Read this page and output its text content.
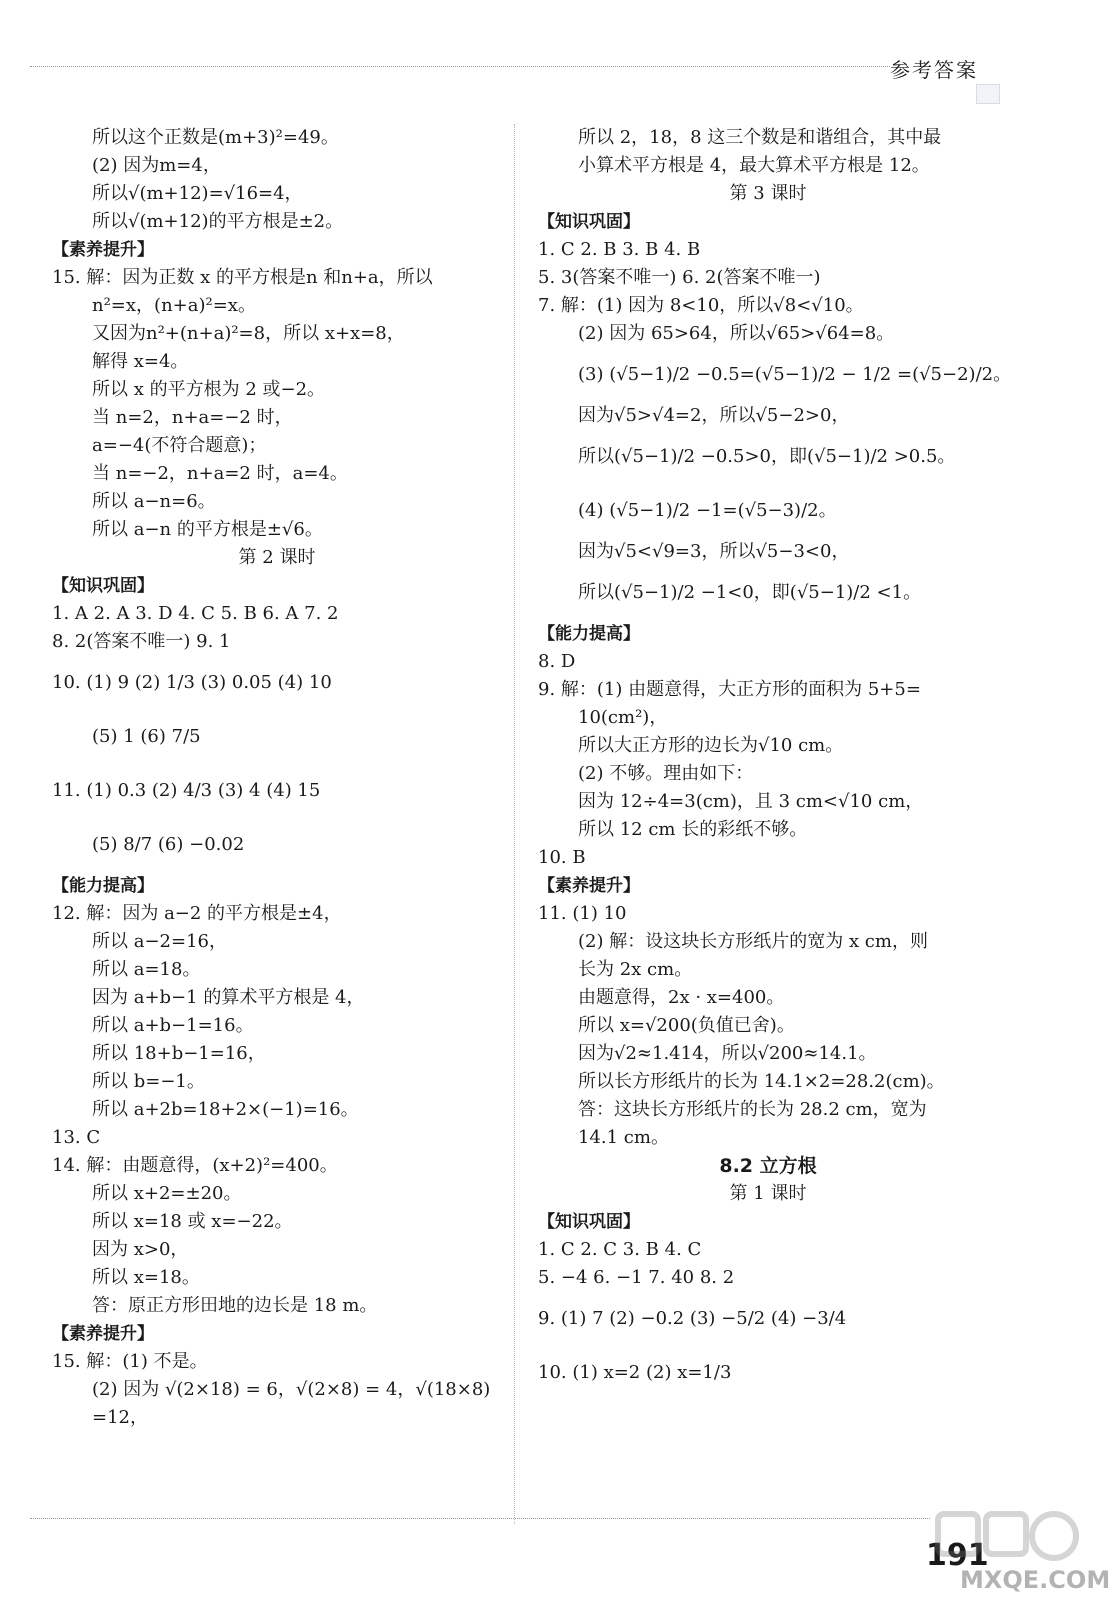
参考答案
所以这个正数是(m+3)²=49。
(2) 因为m=4，
所以√(m+12)=√16=4，
所以√(m+12)的平方根是±2。
【素养提升】
15. 解：因为正数 x 的平方根是n 和n+a，所以
n²=x，(n+a)²=x。
又因为n²+(n+a)²=8，所以 x+x=8，
解得 x=4。
所以 x 的平方根为 2 或−2。
当 n=2，n+a=−2 时，
a=−4(不符合题意)；
当 n=−2，n+a=2 时，a=4。
所以 a−n=6。
所以 a−n 的平方根是±√6。
第 2 课时
【知识巩固】
1. A 2. A 3. D 4. C 5. B 6. A 7. 2
8. 2(答案不唯一) 9. 1
10. (1) 9 (2) 1/3 (3) 0.05 (4) 10
(5) 1 (6) 7/5
11. (1) 0.3 (2) 4/3 (3) 4 (4) 15
(5) 8/7 (6) −0.02
【能力提高】
12. 解：因为 a−2 的平方根是±4，
所以 a−2=16，
所以 a=18。
因为 a+b−1 的算术平方根是 4，
所以 a+b−1=16。
所以 18+b−1=16，
所以 b=−1。
所以 a+2b=18+2×(−1)=16。
13. C
14. 解：由题意得，(x+2)²=400。
所以 x+2=±20。
所以 x=18 或 x=−22。
因为 x>0，
所以 x=18。
答：原正方形田地的边长是 18 m。
【素养提升】
15. 解：(1) 不是。
(2) 因为 √(2×18) = 6，√(2×8) = 4，√(18×8)
=12，
所以 2，18，8 这三个数是和谐组合，其中最
小算术平方根是 4，最大算术平方根是 12。
第 3 课时
【知识巩固】
1. C 2. B 3. B 4. B
5. 3(答案不唯一) 6. 2(答案不唯一)
7. 解：(1) 因为 8<10，所以√8<√10。
(2) 因为 65>64，所以√65>√64=8。
(3) (√5−1)/2 −0.5=(√5−1)/2 − 1/2 =(√5−2)/2。
因为√5>√4=2，所以√5−2>0，
所以(√5−1)/2 −0.5>0，即(√5−1)/2 >0.5。
(4) (√5−1)/2 −1=(√5−3)/2。
因为√5<√9=3，所以√5−3<0，
所以(√5−1)/2 −1<0，即(√5−1)/2 <1。
【能力提高】
8. D
9. 解：(1) 由题意得，大正方形的面积为 5+5=
10(cm²)，
所以大正方形的边长为√10 cm。
(2) 不够。理由如下：
因为 12÷4=3(cm)，且 3 cm<√10 cm，
所以 12 cm 长的彩纸不够。
10. B
【素养提升】
11. (1) 10
(2) 解：设这块长方形纸片的宽为 x cm，则
长为 2x cm。
由题意得，2x · x=400。
所以 x=√200(负值已舍)。
因为√2≈1.414，所以√200≈14.1。
所以长方形纸片的长为 14.1×2=28.2(cm)。
答：这块长方形纸片的长为 28.2 cm，宽为
14.1 cm。
8.2 立方根
第 1 课时
【知识巩固】
1. C 2. C 3. B 4. C
5. −4 6. −1 7. 40 8. 2
9. (1) 7 (2) −0.2 (3) −5/2 (4) −3/4
10. (1) x=2 (2) x=1/3
191
MXQE.COM
